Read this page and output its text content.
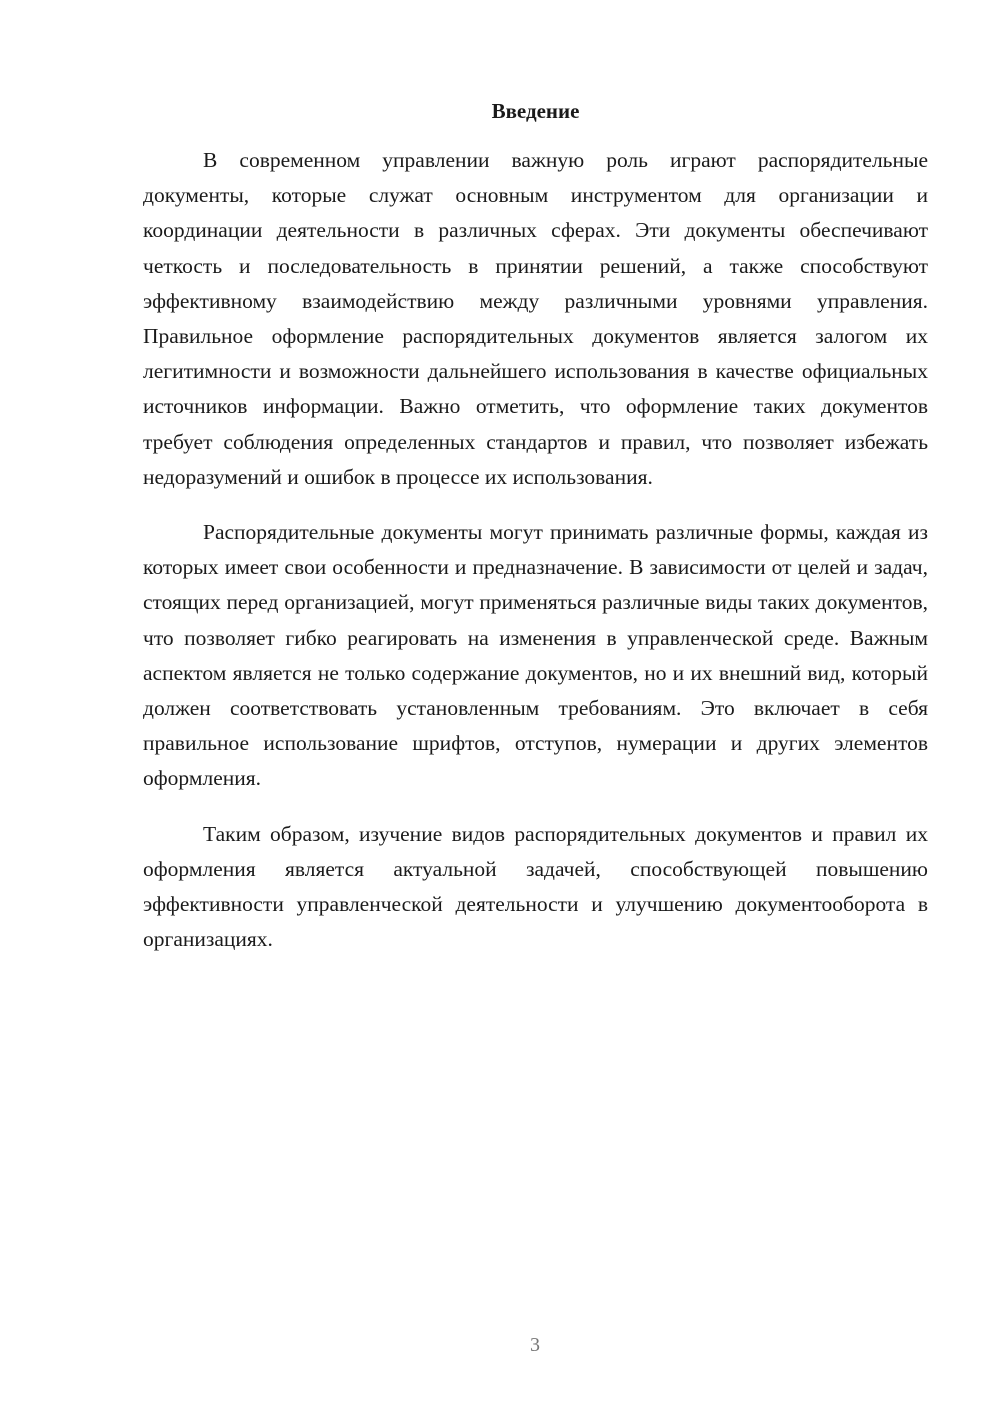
Введение

В современном управлении важную роль играют распорядительные документы, которые служат основным инструментом для организации и координации деятельности в различных сферах. Эти документы обеспечивают четкость и последовательность в принятии решений, а также способствуют эффективному взаимодействию между различными уровнями управления. Правильное оформление распорядительных документов является залогом их легитимности и возможности дальнейшего использования в качестве официальных источников информации. Важно отметить, что оформление таких документов требует соблюдения определенных стандартов и правил, что позволяет избежать недоразумений и ошибок в процессе их использования.

Распорядительные документы могут принимать различные формы, каждая из которых имеет свои особенности и предназначение. В зависимости от целей и задач, стоящих перед организацией, могут применяться различные виды таких документов, что позволяет гибко реагировать на изменения в управленческой среде. Важным аспектом является не только содержание документов, но и их внешний вид, который должен соответствовать установленным требованиям. Это включает в себя правильное использование шрифтов, отступов, нумерации и других элементов оформления.

Таким образом, изучение видов распорядительных документов и правил их оформления является актуальной задачей, способствующей повышению эффективности управленческой деятельности и улучшению документооборота в организациях.

3
